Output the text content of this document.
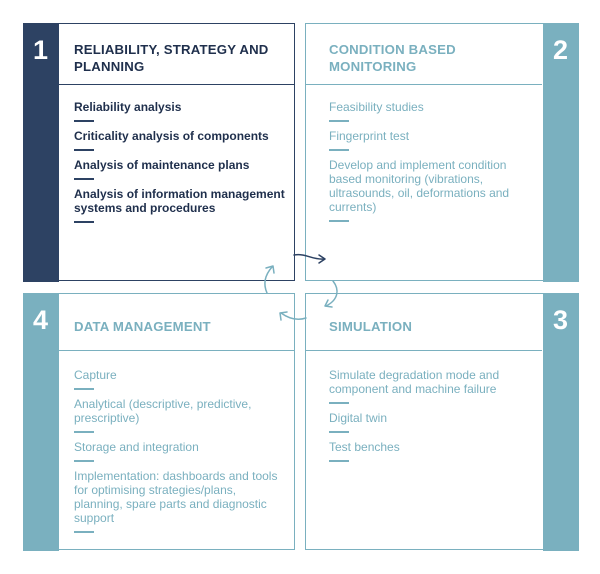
1	RELIABILITY, STRATEGY AND PLANNING
Reliability analysis
Criticality analysis of components
Analysis of maintenance plans
Analysis of information management systems and procedures
2
CONDITION BASED MONITORING
Feasibility studies
Fingerprint test
Develop and implement condition based monitoring (vibrations, ultrasounds, oil, deformations and currents)
3
SIMULATION
Simulate degradation mode and component and machine failure
Digital twin
Test benches
4	DATA MANAGEMENT
Capture
Analytical (descriptive, predictive, prescriptive)
Storage and integration
Implementation: dashboards and tools for optimising strategies/plans, planning, spare parts and diagnostic support
